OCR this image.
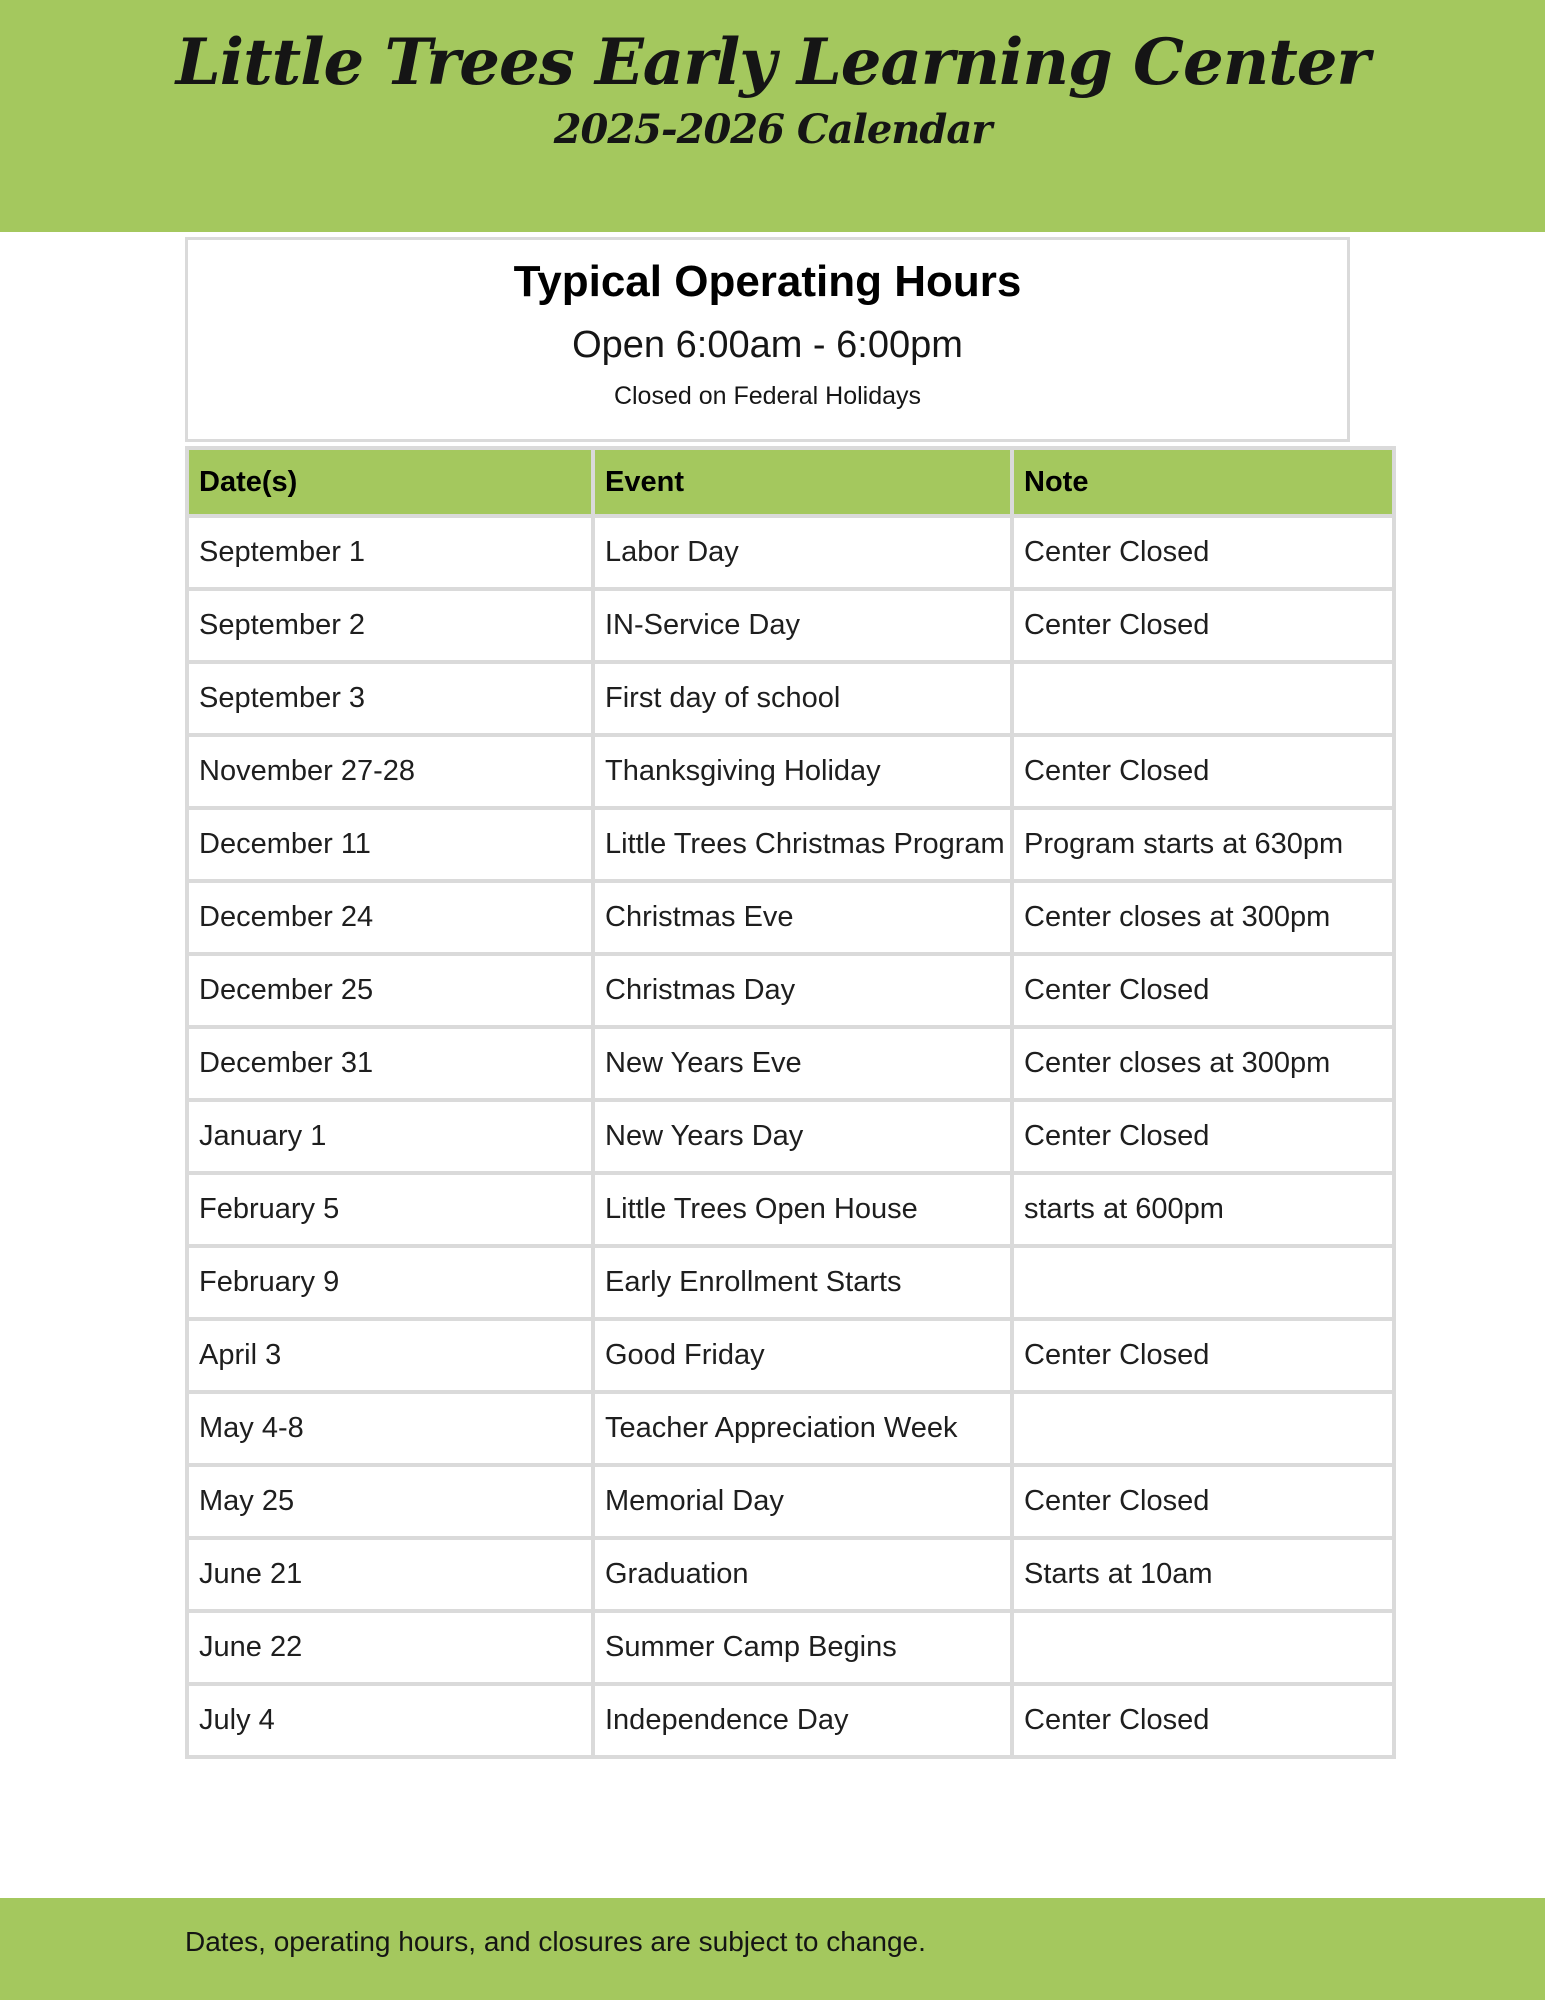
Little Trees Early Learning Center
2025-2026 Calendar
Typical Operating Hours
Open 6:00am - 6:00pm
Closed on Federal Holidays
Date(s)	Event	Note
September 1	Labor Day	Center Closed
September 2	IN-Service Day	Center Closed
September 3	First day of school	
November 27-28	Thanksgiving Holiday	Center Closed
December 11	Little Trees Christmas Program	Program starts at 630pm
December 24	Christmas Eve	Center closes at 300pm
December 25	Christmas Day	Center Closed
December 31	New Years Eve	Center closes at 300pm
January 1	New Years Day	Center Closed
February 5	Little Trees Open House	starts at 600pm
February 9	Early Enrollment Starts	
April 3	Good Friday	Center Closed
May 4-8	Teacher Appreciation Week	
May 25	Memorial Day	Center Closed
June 21	Graduation	Starts at 10am
June 22	Summer Camp Begins	
July 4	Independence Day	Center Closed
Dates, operating hours, and closures are subject to change.
